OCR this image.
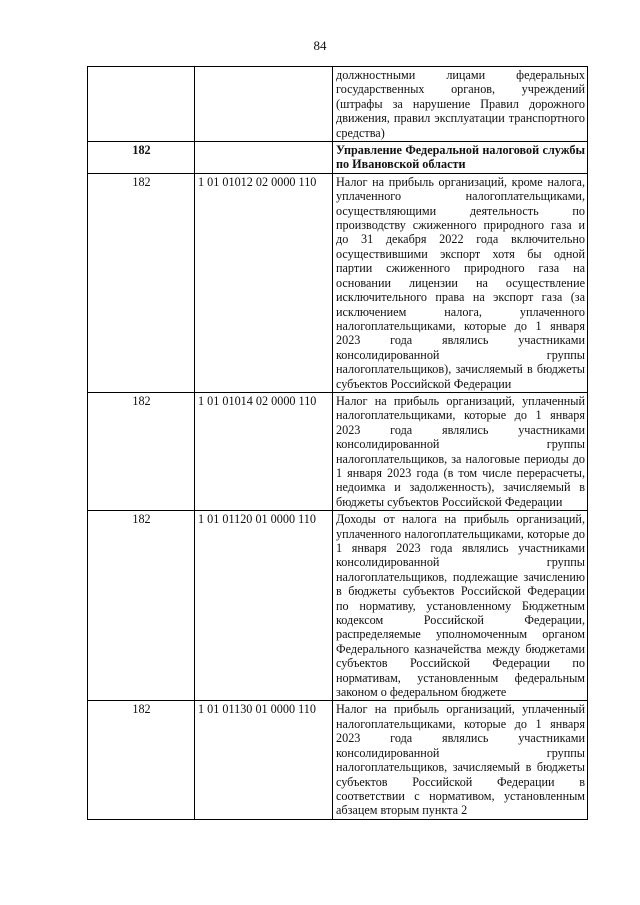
84
		должностными лицами федеральных государственных органов, учреждений (штрафы за нарушение Правил дорожного движения, правил эксплуатации транспортного средства)
182		Управление Федеральной налоговой службы по Ивановской области
182	1 01 01012 02 0000 110	Налог на прибыль организаций, кроме налога, уплаченного налогоплательщиками, осуществляющими деятельность по производству сжиженного природного газа и до 31 декабря 2022 года включительно осуществившими экспорт хотя бы одной партии сжиженного природного газа на основании лицензии на осуществление исключительного права на экспорт газа (за исключением налога, уплаченного налогоплательщиками, которые до 1 января 2023 года являлись участниками консолидированной группы налогоплательщиков), зачисляемый в бюджеты субъектов Российской Федерации
182	1 01 01014 02 0000 110	Налог на прибыль организаций, уплаченный налогоплательщиками, которые до 1 января 2023 года являлись участниками консолидированной группы налогоплательщиков, за налоговые периоды до 1 января 2023 года (в том числе перерасчеты, недоимка и задолженность), зачисляемый в бюджеты субъектов Российской Федерации
182	1 01 01120 01 0000 110	Доходы от налога на прибыль организаций, уплаченного налогоплательщиками, которые до 1 января 2023 года являлись участниками консолидированной группы налогоплательщиков, подлежащие зачислению в бюджеты субъектов Российской Федерации по нормативу, установленному Бюджетным кодексом Российской Федерации, распределяемые уполномоченным органом Федерального казначейства между бюджетами субъектов Российской Федерации по нормативам, установленным федеральным законом о федеральном бюджете
182	1 01 01130 01 0000 110	Налог на прибыль организаций, уплаченный налогоплательщиками, которые до 1 января 2023 года являлись участниками консолидированной группы налогоплательщиков, зачисляемый в бюджеты субъектов Российской Федерации в соответствии с нормативом, установленным абзацем вторым пункта 2
